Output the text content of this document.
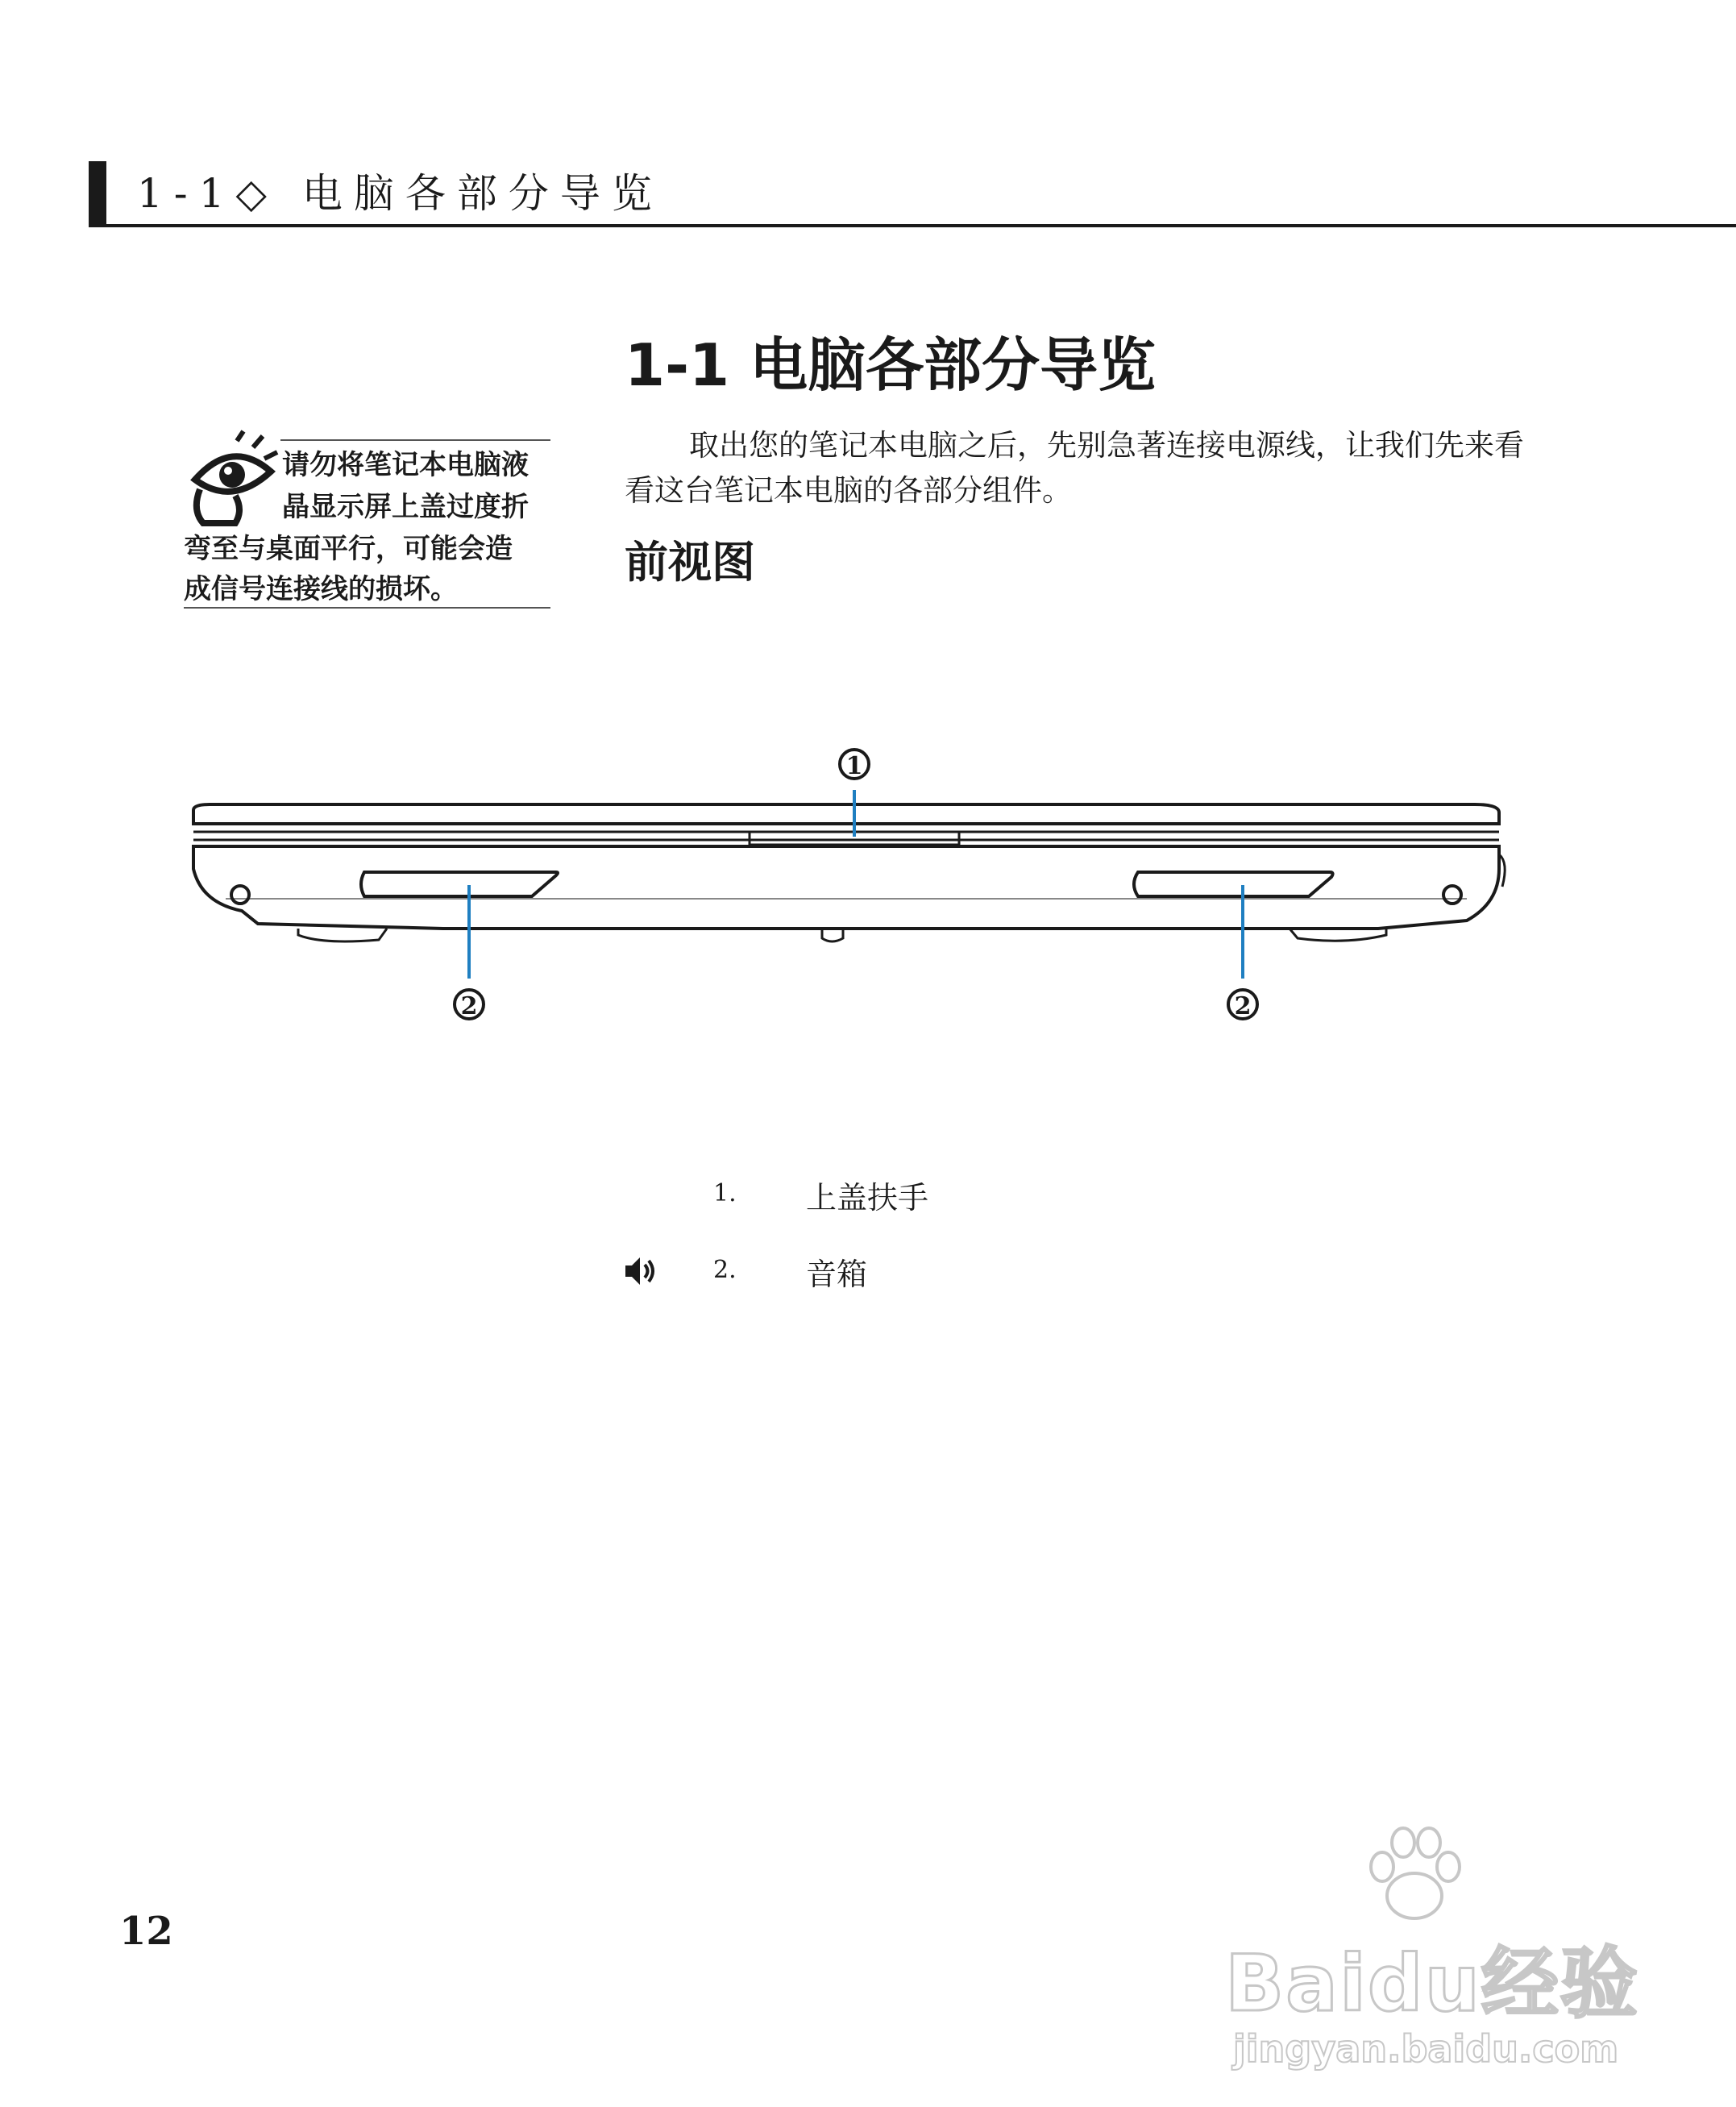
1-1◇ 电脑各部分导览
1-1 电脑各部分导览
请勿将笔记本电脑液
晶显示屏上盖过度折
弯至与桌面平行，可能会造
成信号连接线的损坏。
取出您的笔记本电脑之后，先别急著连接电源线，让我们先来看看这台笔记本电脑的各部分组件。
前视图
1
2	2
1. 上盖扶手
2. 音箱
12
Baidu经验
jingyan.baidu.com
